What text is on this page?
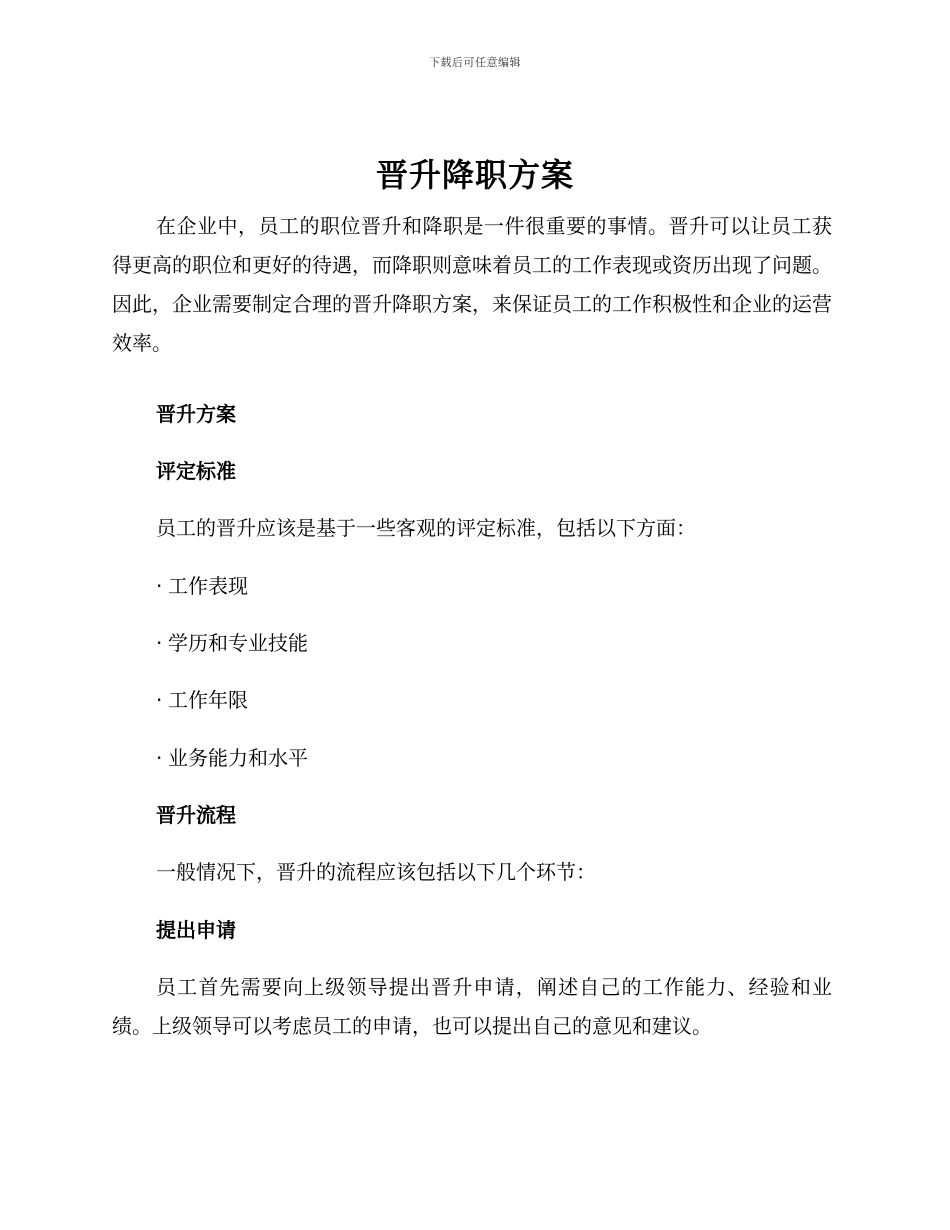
下载后可任意编辑
晋升降职方案

在企业中，员工的职位晋升和降职是一件很重要的事情。晋升可以让员工获得更高的职位和更好的待遇，而降职则意味着员工的工作表现或资历出现了问题。因此，企业需要制定合理的晋升降职方案，来保证员工的工作积极性和企业的运营效率。

晋升方案
评定标准
员工的晋升应该是基于一些客观的评定标准，包括以下方面：
· 工作表现
· 学历和专业技能
· 工作年限
· 业务能力和水平
晋升流程
一般情况下，晋升的流程应该包括以下几个环节：
提出申请

员工首先需要向上级领导提出晋升申请，阐述自己的工作能力、经验和业绩。上级领导可以考虑员工的申请，也可以提出自己的意见和建议。
